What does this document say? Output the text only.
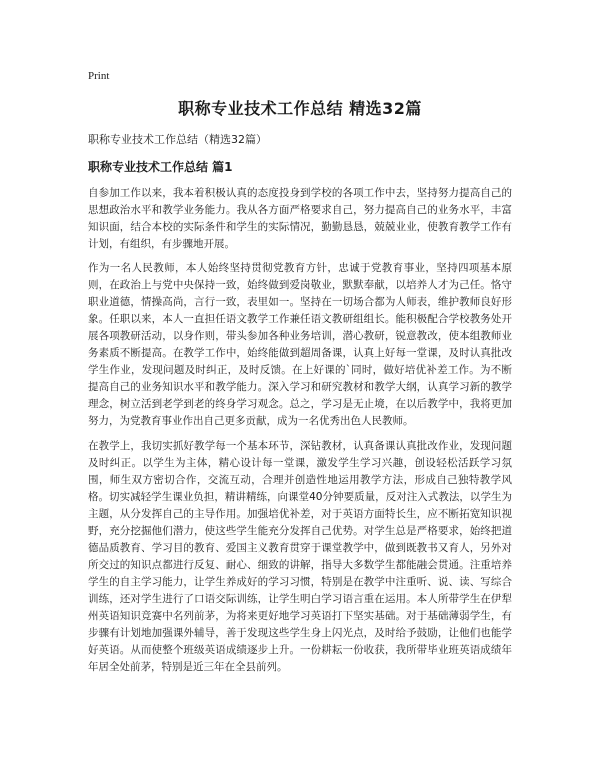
Print
职称专业技术工作总结 精选32篇
职称专业技术工作总结（精选32篇）
职称专业技术工作总结 篇1

自参加工作以来，我本着积极认真的态度投身到学校的各项工作中去，坚持努力提高自己的思想政治水平和教学业务能力。我从各方面严格要求自己，努力提高自己的业务水平，丰富知识面，结合本校的实际条件和学生的实际情况，勤勤恳恳，兢兢业业，使教育教学工作有计划，有组织，有步骤地开展。

作为一名人民教师，本人始终坚持贯彻党教育方针，忠诚于党教育事业，坚持四项基本原则，在政治上与党中央保持一致，始终做到爱岗敬业，默默奉献，以培养人才为己任。恪守职业道德，情操高尚，言行一致，表里如一。坚持在一切场合都为人师表，维护教师良好形象。任职以来，本人一直担任语文教学工作兼任语文教研组组长。能积极配合学校教务处开展各项教研活动，以身作则，带头参加各种业务培训，潜心教研，锐意教改，使本组教师业务素质不断提高。在教学工作中，始终能做到超周备课，认真上好每一堂课，及时认真批改学生作业，发现问题及时纠正，及时反馈。在上好课的`同时，做好培优补差工作。为不断提高自己的业务知识水平和教学能力。深入学习和研究教材和教学大纲，认真学习新的教学理念，树立活到老学到老的终身学习观念。总之，学习是无止境，在以后教学中，我将更加努力，为党教育事业作出自己更多贡献，成为一名优秀出色人民教师。

在教学上，我切实抓好教学每一个基本环节，深钻教材，认真备课认真批改作业，发现问题及时纠正。以学生为主体，精心设计每一堂课，激发学生学习兴趣，创设轻松活跃学习氛围，师生双方密切合作，交流互动，合理并创造性地运用教学方法，形成自己独特教学风格。切实减轻学生课业负担，精讲精练，向课堂40分钟要质量，反对注入式教法，以学生为主题，从分发挥自己的主导作用。加强培优补差，对于英语方面特长生，应不断拓宽知识视野，充分挖掘他们潜力，使这些学生能充分发挥自己优势。对学生总是严格要求，始终把道德品质教育、学习目的教育、爱国主义教育贯穿于课堂教学中，做到既教书又育人，另外对所交过的知识点都进行反复、耐心、细致的讲解，指导大多数学生都能融会贯通。注重培养学生的自主学习能力，让学生养成好的学习习惯，特别是在教学中注重听、说、读、写综合训练，还对学生进行了口语交际训练，让学生明白学习语言重在运用。本人所带学生在伊犁州英语知识竞赛中名列前茅，为将来更好地学习英语打下坚实基础。对于基础薄弱学生，有步骤有计划地加强课外辅导，善于发现这些学生身上闪光点，及时给予鼓励，让他们也能学好英语。从而使整个班级英语成绩逐步上升。一份耕耘一份收获，我所带毕业班英语成绩年年居全处前茅，特别是近三年在全县前列。
